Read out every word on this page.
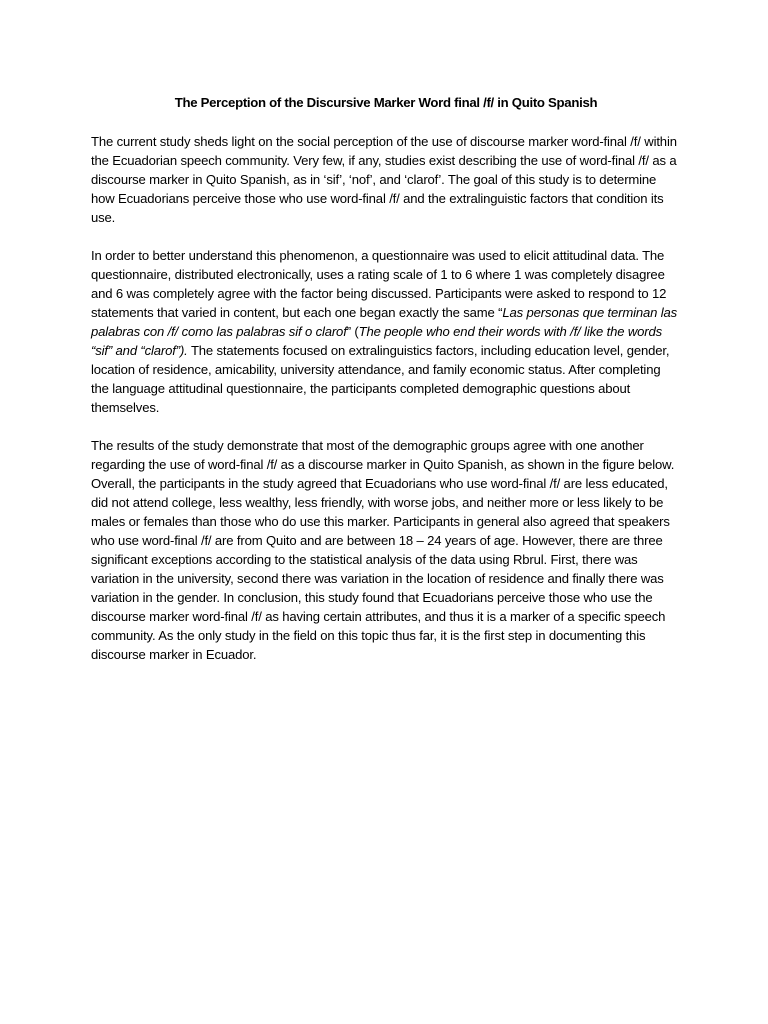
The Perception of the Discursive Marker Word final /f/ in Quito Spanish

The current study sheds light on the social perception of the use of discourse marker word-final /f/ within the Ecuadorian speech community. Very few, if any, studies exist describing the use of word-final /f/ as a discourse marker in Quito Spanish, as in ‘sif’, ‘nof’, and ‘clarof’. The goal of this study is to determine how Ecuadorians perceive those who use word-final /f/ and the extralinguistic factors that condition its use.

In order to better understand this phenomenon, a questionnaire was used to elicit attitudinal data. The questionnaire, distributed electronically, uses a rating scale of 1 to 6 where 1 was completely disagree and 6 was completely agree with the factor being discussed. Participants were asked to respond to 12 statements that varied in content, but each one began exactly the same “Las personas que terminan las palabras con /f/ como las palabras sif o clarof” (The people who end their words with /f/ like the words “sif” and “clarof”). The statements focused on extralinguistics factors, including education level, gender, location of residence, amicability, university attendance, and family economic status. After completing the language attitudinal questionnaire, the participants completed demographic questions about themselves.

The results of the study demonstrate that most of the demographic groups agree with one another regarding the use of word-final /f/ as a discourse marker in Quito Spanish, as shown in the figure below. Overall, the participants in the study agreed that Ecuadorians who use word-final /f/ are less educated, did not attend college, less wealthy, less friendly, with worse jobs, and neither more or less likely to be males or females than those who do use this marker. Participants in general also agreed that speakers who use word-final /f/ are from Quito and are between 18 – 24 years of age. However, there are three significant exceptions according to the statistical analysis of the data using Rbrul. First, there was variation in the university, second there was variation in the location of residence and finally there was variation in the gender. In conclusion, this study found that Ecuadorians perceive those who use the discourse marker word-final /f/ as having certain attributes, and thus it is a marker of a specific speech community. As the only study in the field on this topic thus far, it is the first step in documenting this discourse marker in Ecuador.
